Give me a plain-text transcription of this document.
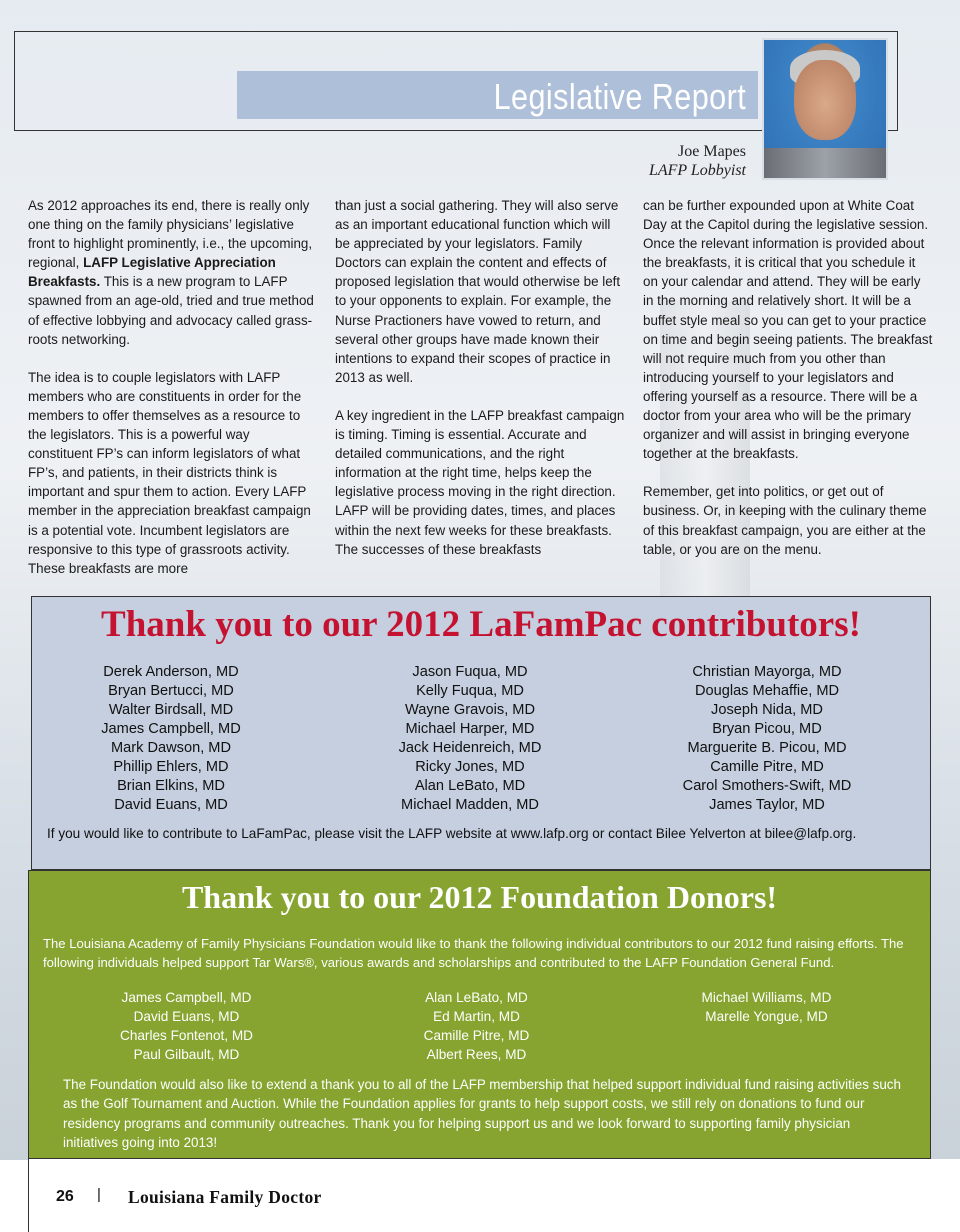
Legislative Report
Joe Mapes
LAFP Lobbyist

As 2012 approaches its end, there is really only one thing on the family physicians’ legislative front to highlight prominently, i.e., the upcoming, regional, LAFP Legislative Appreciation Breakfasts. This is a new program to LAFP spawned from an age-old, tried and true method of effective lobbying and advocacy called grass-roots networking.

The idea is to couple legislators with LAFP members who are constituents in order for the members to offer themselves as a resource to the legislators. This is a powerful way constituent FP’s can inform legislators of what FP’s, and patients, in their districts think is important and spur them to action. Every LAFP member in the appreciation breakfast campaign is a potential vote. Incumbent legislators are responsive to this type of grassroots activity. These breakfasts are more

than just a social gathering. They will also serve as an important educational function which will be appreciated by your legislators. Family Doctors can explain the content and effects of proposed legislation that would otherwise be left to your opponents to explain. For example, the Nurse Practioners have vowed to return, and several other groups have made known their intentions to expand their scopes of practice in 2013 as well.

A key ingredient in the LAFP breakfast campaign is timing. Timing is essential. Accurate and detailed communications, and the right information at the right time, helps keep the legislative process moving in the right direction. LAFP will be providing dates, times, and places within the next few weeks for these breakfasts. The successes of these breakfasts

can be further expounded upon at White Coat Day at the Capitol during the legislative session. Once the relevant information is provided about the breakfasts, it is critical that you schedule it on your calendar and attend. They will be early in the morning and relatively short. It will be a buffet style meal so you can get to your practice on time and begin seeing patients. The breakfast will not require much from you other than introducing yourself to your legislators and offering yourself as a resource. There will be a doctor from your area who will be the primary organizer and will assist in bringing everyone together at the breakfasts.

Remember, get into politics, or get out of business. Or, in keeping with the culinary theme of this breakfast campaign, you are either at the table, or you are on the menu.

Thank you to our 2012 LaFamPac contributors!
Derek Anderson, MD
Bryan Bertucci, MD
Walter Birdsall, MD
James Campbell, MD
Mark Dawson, MD
Phillip Ehlers, MD
Brian Elkins, MD
David Euans, MD
Jason Fuqua, MD
Kelly Fuqua, MD
Wayne Gravois, MD
Michael Harper, MD
Jack Heidenreich, MD
Ricky Jones, MD
Alan LeBato, MD
Michael Madden, MD
Christian Mayorga, MD
Douglas Mehaffie, MD
Joseph Nida, MD
Bryan Picou, MD
Marguerite B. Picou, MD
Camille Pitre, MD
Carol Smothers-Swift, MD
James Taylor, MD
If you would like to contribute to LaFamPac, please visit the LAFP website at www.lafp.org or contact Bilee Yelverton at bilee@lafp.org.
Thank you to our 2012 Foundation Donors!
The Louisiana Academy of Family Physicians Foundation would like to thank the following individual contributors to our 2012 fund raising efforts. The following individuals helped support Tar Wars®, various awards and scholarships and contributed to the LAFP Foundation General Fund.
James Campbell, MD
David Euans, MD
Charles Fontenot, MD
Paul Gilbault, MD
Alan LeBato, MD
Ed Martin, MD
Camille Pitre, MD
Albert Rees, MD
Michael Williams, MD
Marelle Yongue, MD
The Foundation would also like to extend a thank you to all of the LAFP membership that helped support individual fund raising activities such as the Golf Tournament and Auction. While the Foundation applies for grants to help support costs, we still rely on donations to fund our residency programs and community outreaches. Thank you for helping support us and we look forward to supporting family physician initiatives going into 2013!
26 | Louisiana Family Doctor
